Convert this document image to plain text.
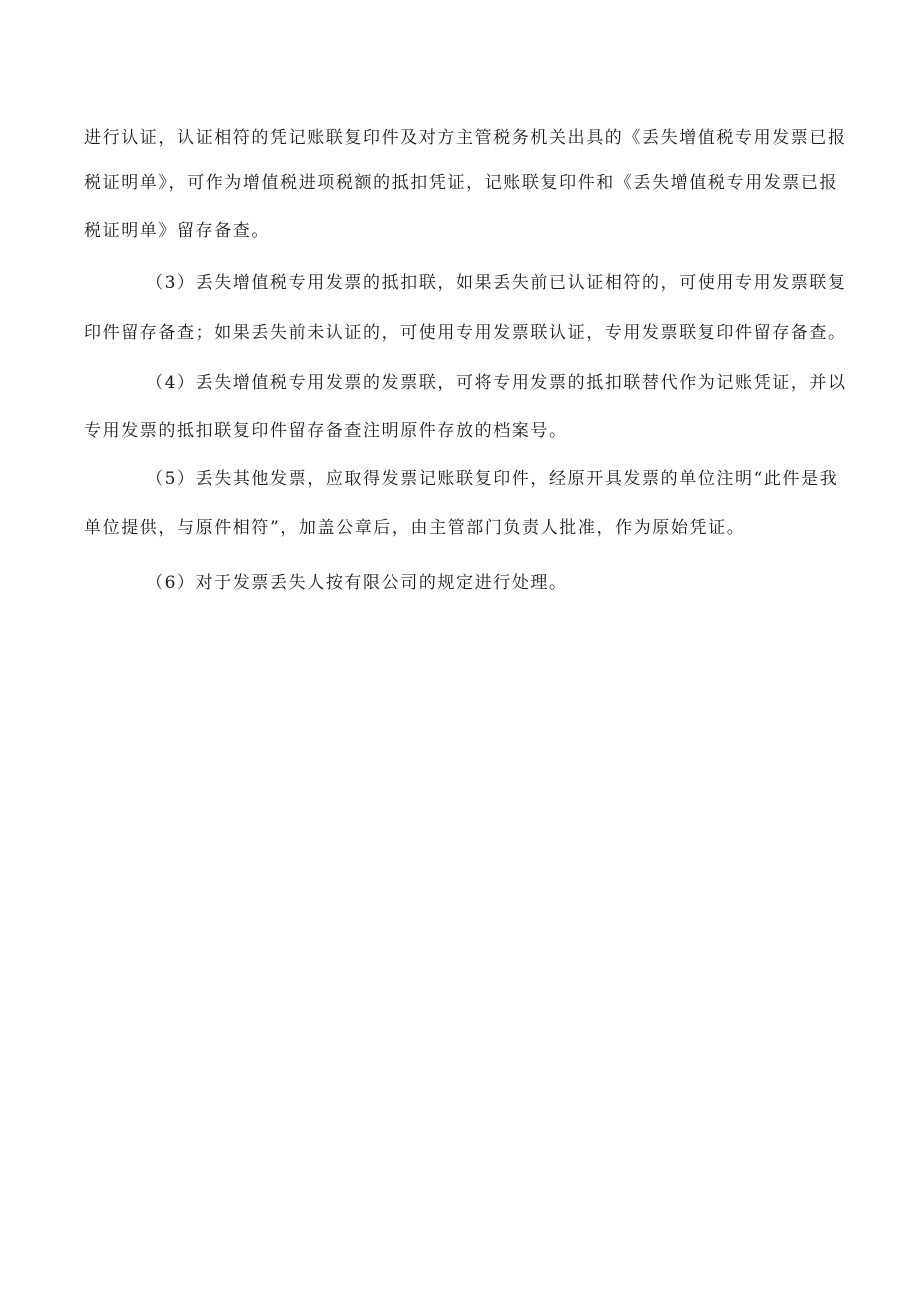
进行认证，认证相符的凭记账联复印件及对方主管税务机关出具的《丢失增值税专用发票已报
税证明单》，可作为增值税进项税额的抵扣凭证，记账联复印件和《丢失增值税专用发票已报
税证明单》留存备查。
（3）丢失增值税专用发票的抵扣联，如果丢失前已认证相符的，可使用专用发票联复
印件留存备查；如果丢失前未认证的，可使用专用发票联认证，专用发票联复印件留存备查。
（4）丢失增值税专用发票的发票联，可将专用发票的抵扣联替代作为记账凭证，并以
专用发票的抵扣联复印件留存备查注明原件存放的档案号。
（5）丢失其他发票，应取得发票记账联复印件，经原开具发票的单位注明“此件是我
单位提供，与原件相符”，加盖公章后，由主管部门负责人批准，作为原始凭证。
（6）对于发票丢失人按有限公司的规定进行处理。
